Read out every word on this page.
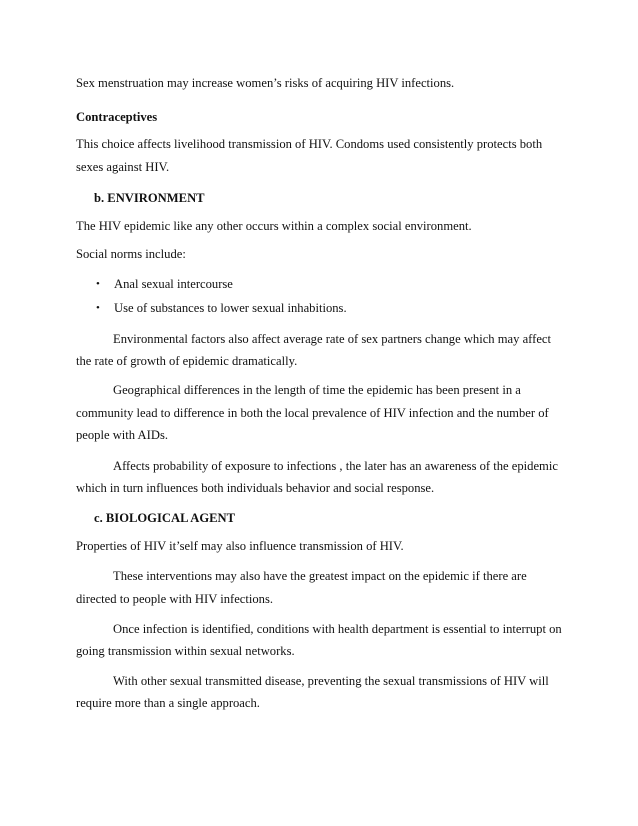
Sex menstruation may increase women’s risks of acquiring HIV infections.
Contraceptives
This choice affects livelihood transmission of HIV. Condoms used consistently protects both
sexes against HIV.
b. ENVIRONMENT
The HIV epidemic like any other occurs within a complex social environment.
Social norms include:
• Anal sexual intercourse
• Use of substances to lower sexual inhabitions.
Environmental factors also affect average rate of sex partners change which may affect
the rate of growth of epidemic dramatically.
Geographical differences in the length of time the epidemic has been present in a
community lead to difference in both the local prevalence of HIV infection and the number of
people with AIDs.
Affects probability of exposure to infections , the later has an awareness of the epidemic
which in turn influences both individuals behavior and social response.
c. BIOLOGICAL AGENT
Properties of HIV it’self may also influence transmission of HIV.
These interventions may also have the greatest impact on the epidemic if there are
directed to people with HIV infections.
Once infection is identified, conditions with health department is essential to interrupt on
going transmission within sexual networks.
With other sexual transmitted disease, preventing the sexual transmissions of HIV will
require more than a single approach.
